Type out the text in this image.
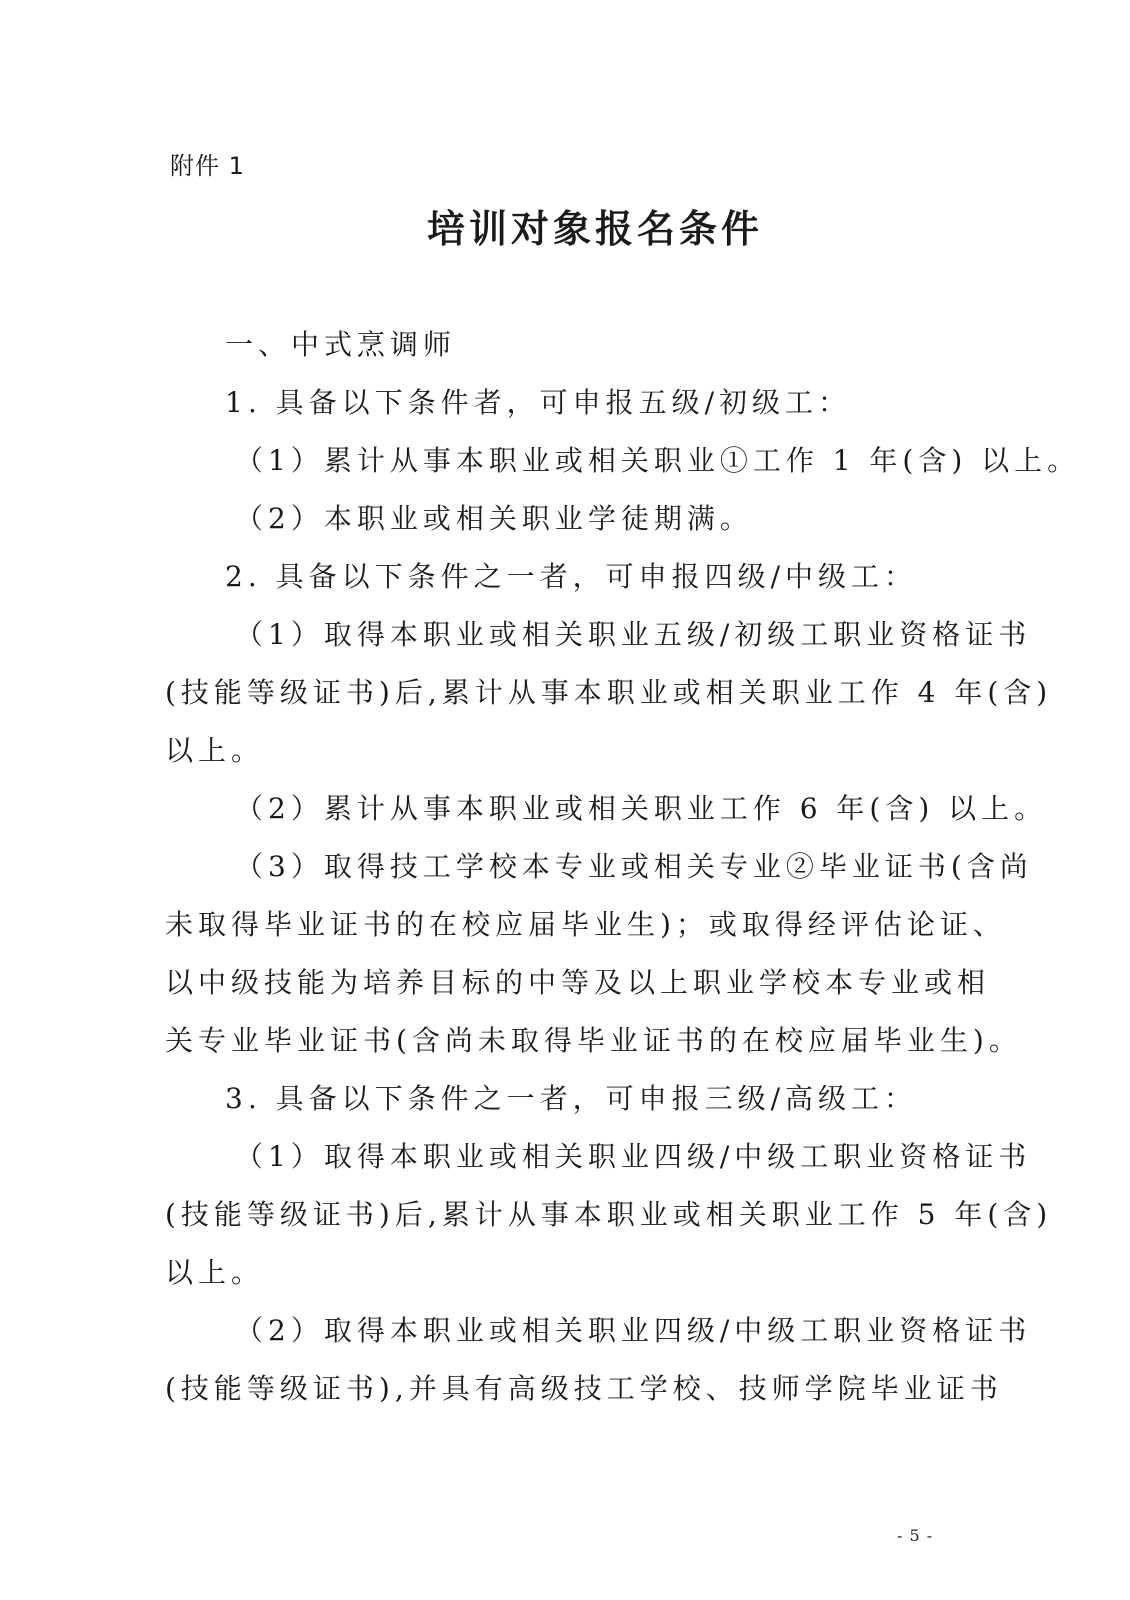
附件 1
培训对象报名条件
一、中式烹调师
1. 具备以下条件者，可申报五级/初级工：
（1）累计从事本职业或相关职业①工作 1 年(含) 以上。
（2）本职业或相关职业学徒期满。
2. 具备以下条件之一者，可申报四级/中级工：
（1）取得本职业或相关职业五级/初级工职业资格证书
(技能等级证书)后,累计从事本职业或相关职业工作 4 年(含)
以上。
（2）累计从事本职业或相关职业工作 6 年(含) 以上。
（3）取得技工学校本专业或相关专业②毕业证书(含尚
未取得毕业证书的在校应届毕业生)；或取得经评估论证、
以中级技能为培养目标的中等及以上职业学校本专业或相
关专业毕业证书(含尚未取得毕业证书的在校应届毕业生)。
3. 具备以下条件之一者，可申报三级/高级工：
（1）取得本职业或相关职业四级/中级工职业资格证书
(技能等级证书)后,累计从事本职业或相关职业工作 5 年(含)
以上。
（2）取得本职业或相关职业四级/中级工职业资格证书
(技能等级证书),并具有高级技工学校、技师学院毕业证书
- 5 -
